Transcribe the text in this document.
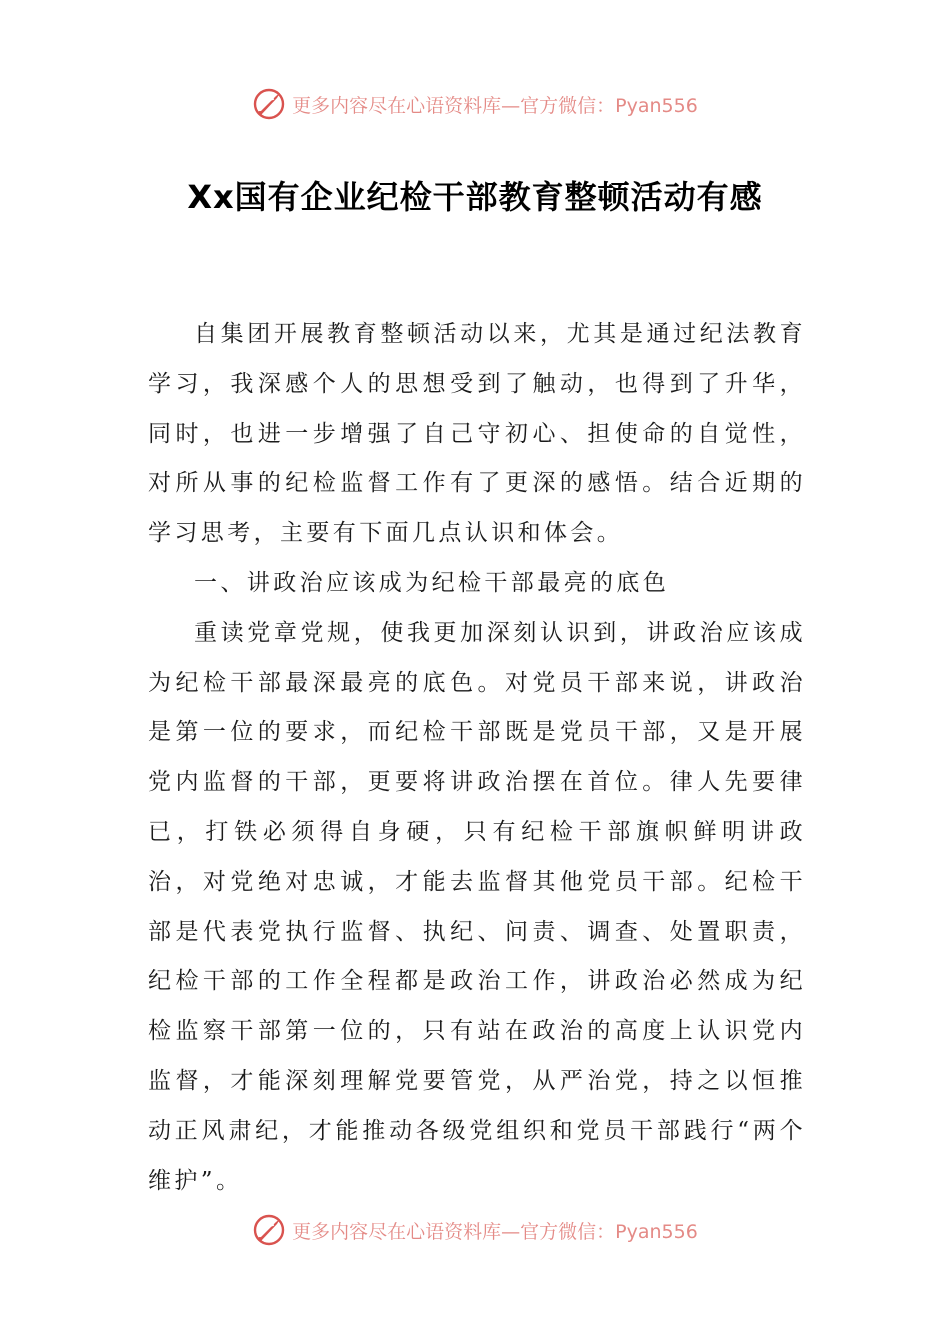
更多内容尽在心语资料库—官方微信：Pyan556
Xx国有企业纪检干部教育整顿活动有感

自集团开展教育整顿活动以来，尤其是通过纪法教育学习，我深感个人的思想受到了触动，也得到了升华，同时，也进一步增强了自己守初心、担使命的自觉性，对所从事的纪检监督工作有了更深的感悟。结合近期的学习思考，主要有下面几点认识和体会。

一、讲政治应该成为纪检干部最亮的底色

重读党章党规，使我更加深刻认识到，讲政治应该成为纪检干部最深最亮的底色。对党员干部来说，讲政治是第一位的要求，而纪检干部既是党员干部，又是开展党内监督的干部，更要将讲政治摆在首位。律人先要律已，打铁必须得自身硬，只有纪检干部旗帜鲜明讲政治，对党绝对忠诚，才能去监督其他党员干部。纪检干部是代表党执行监督、执纪、问责、调查、处置职责，纪检干部的工作全程都是政治工作，讲政治必然成为纪检监察干部第一位的，只有站在政治的高度上认识党内监督，才能深刻理解党要管党，从严治党，持之以恒推动正风肃纪，才能推动各级党组织和党员干部践行“两个维护”。

更多内容尽在心语资料库—官方微信：Pyan556
